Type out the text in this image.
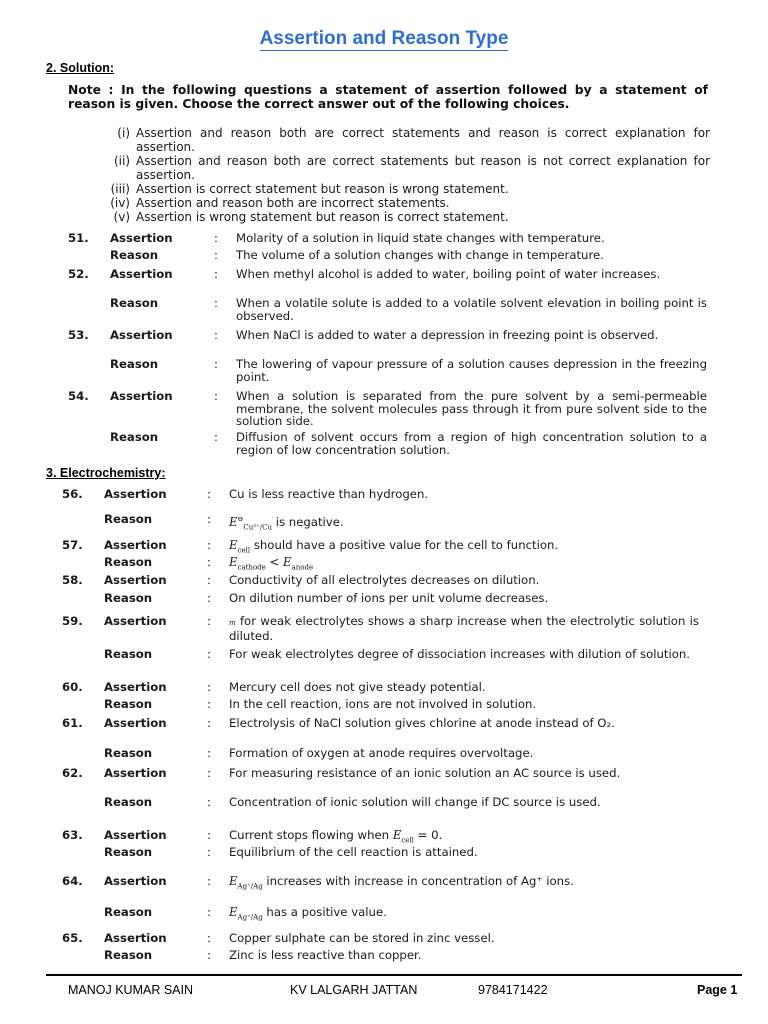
Assertion and Reason Type
2. Solution:
Note : In the following questions a statement of assertion followed by a statement of reason is given. Choose the correct answer out of the following choices.
(i) Assertion and reason both are correct statements and reason is correct explanation for assertion.
(ii) Assertion and reason both are correct statements but reason is not correct explanation for assertion.
(iii) Assertion is correct statement but reason is wrong statement.
(iv) Assertion and reason both are incorrect statements.
(v) Assertion is wrong statement but reason is correct statement.
51. Assertion	: Molarity of a solution in liquid state changes with temperature.
Reason	: The volume of a solution changes with change in temperature.
52. Assertion	: When methyl alcohol is added to water, boiling point of water increases.
Reason	: When a volatile solute is added to a volatile solvent elevation in boiling point is observed.
53. Assertion	: When NaCl is added to water a depression in freezing point is observed.
Reason	: The lowering of vapour pressure of a solution causes depression in the freezing point.
54. Assertion	: When a solution is separated from the pure solvent by a semi-permeable membrane, the solvent molecules pass through it from pure solvent side to the solution side.
Reason	: Diffusion of solvent occurs from a region of high concentration solution to a region of low concentration solution.
3. Electrochemistry:
56. Assertion	: Cu is less reactive than hydrogen.
Reason	: $E^⊖_{Cu^{2+}/Cu}$ is negative.
57. Assertion	: $E_{cell}$ should have a positive value for the cell to function.
Reason	: $E_{cathode} < E_{anode}$
58. Assertion	: Conductivity of all electrolytes decreases on dilution.
Reason	: On dilution number of ions per unit volume decreases.
59. Assertion	:	m for weak electrolytes shows a sharp increase when the electrolytic solution is diluted.
Reason	: For weak electrolytes degree of dissociation increases with dilution of solution.
60. Assertion	: Mercury cell does not give steady potential.
Reason	: In the cell reaction, ions are not involved in solution.
61. Assertion	: Electrolysis of NaCl solution gives chlorine at anode instead of O₂.
Reason	: Formation of oxygen at anode requires overvoltage.
62. Assertion	: For measuring resistance of an ionic solution an AC source is used.
Reason	: Concentration of ionic solution will change if DC source is used.
63. Assertion	: Current stops flowing when $E_{cell} = 0$.
Reason	: Equilibrium of the cell reaction is attained.
64. Assertion	: $E_{Ag^+/Ag}$ increases with increase in concentration of Ag⁺ ions.
Reason	: $E_{Ag^+/Ag}$ has a positive value.
65. Assertion	: Copper sulphate can be stored in zinc vessel.
Reason	: Zinc is less reactive than copper.
MANOJ KUMAR SAIN	KV LALGARH JATTAN	9784171422	Page 1
